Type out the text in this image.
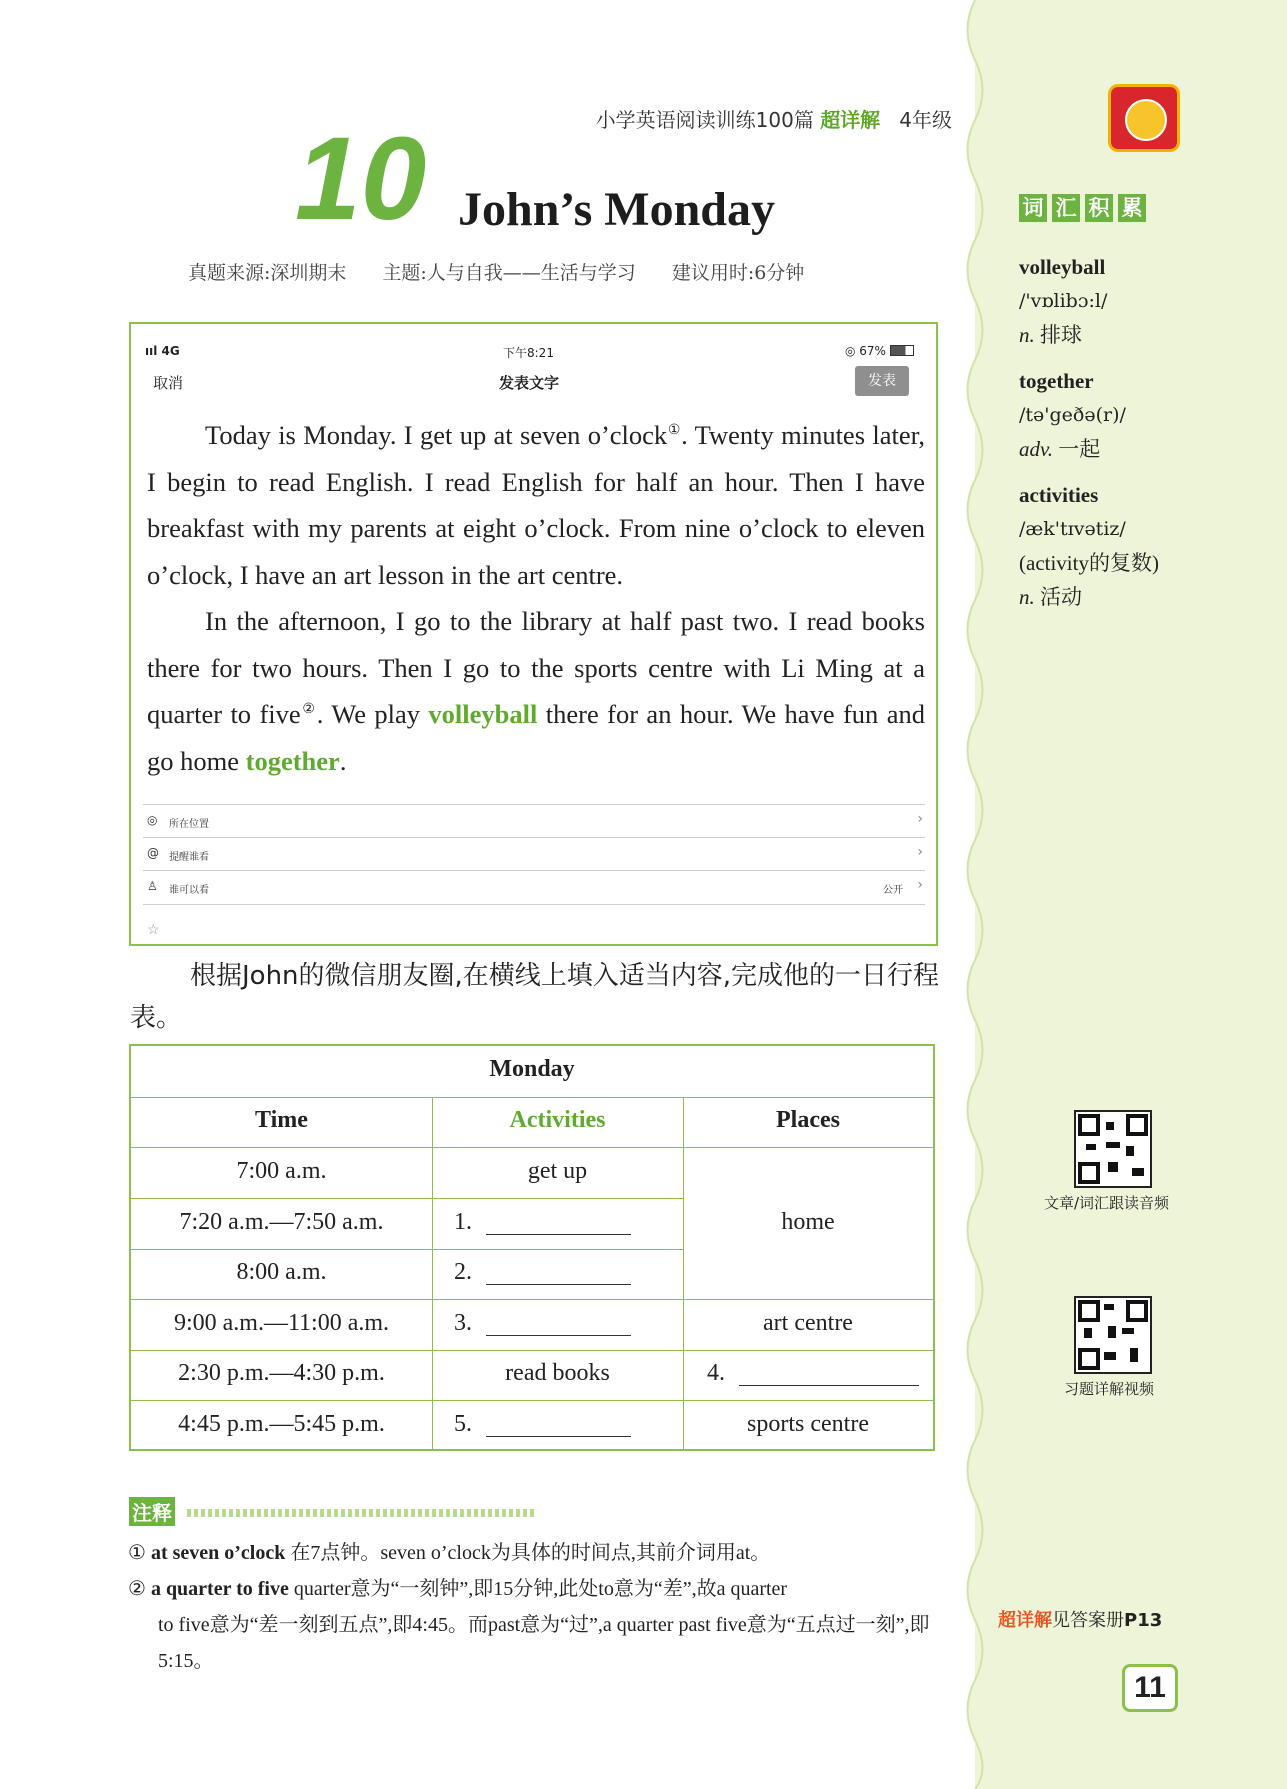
小学英语阅读训练100篇 超详解 4年级
10 John’s Monday
真题来源:深圳期末 主题:人与自我——生活与学习 建议用时:6分钟
ııl 4G	下午8:21	◎ 67%
取消	发表文字	发表

Today is Monday. I get up at seven o’clock①. Twenty minutes later, I begin to read English. I read English for half an hour. Then I have breakfast with my parents at eight o’clock. From nine o’clock to eleven o’clock, I have an art lesson in the art centre.

In the afternoon, I go to the library at half past two. I read books there for two hours. Then I go to the sports centre with Li Ming at a quarter to five②. We play volleyball there for an hour. We have fun and go home together.

◎ 所在位置	›
@ 提醒谁看	›
♙ 谁可以看	公开 ›
☆
根据John的微信朋友圈,在横线上填入适当内容,完成他的一日行程表。
Monday
Time	Activities	Places
7:00 a.m.	get up
7:20 a.m.—7:50 a.m.	1.
8:00 a.m.	2.
home
9:00 a.m.—11:00 a.m.	3.	art centre
2:30 p.m.—4:30 p.m.	read books	4.
4:45 p.m.—5:45 p.m.	5.	sports centre
注释
① at seven o’clock 在7点钟。seven o’clock为具体的时间点,其前介词用at。
② a quarter to five quarter意为“一刻钟”,即15分钟,此处to意为“差”,故a quarter
to five意为“差一刻到五点”,即4:45。而past意为“过”,a quarter past five意为“五点过一刻”,即5:15。
词 汇 积 累
volleyball
/'vɒlibɔ:l/
n. 排球
together
/tə'geðə(r)/
adv. 一起
activities
/æk'tɪvətiz/
(activity的复数)
n. 活动
文章/词汇跟读音频
习题详解视频
超详解见答案册P13
11
